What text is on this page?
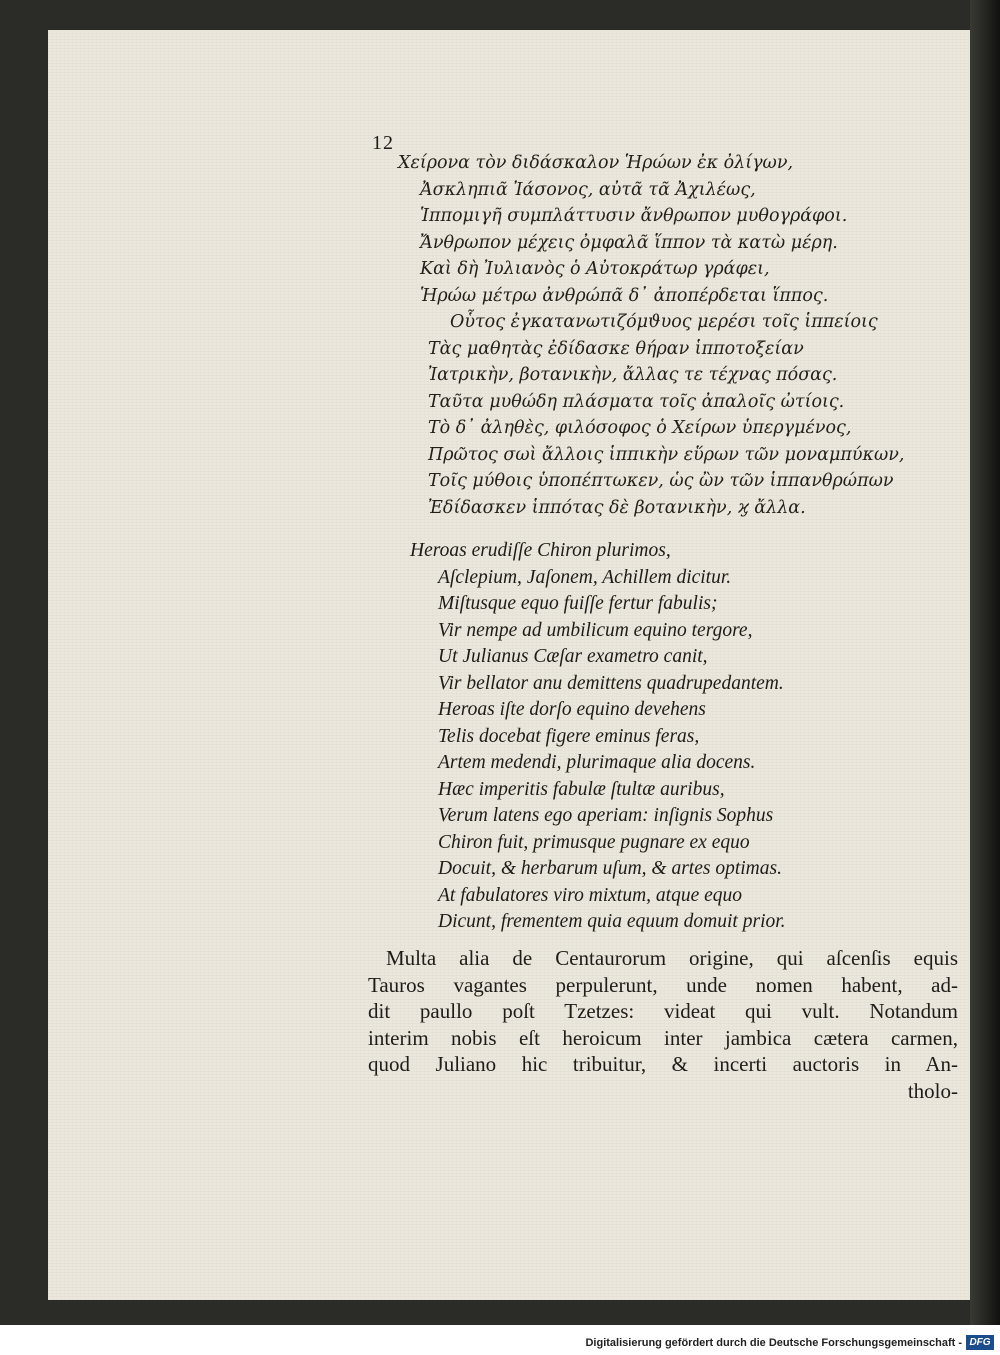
12
Χείρονα τὸν διδάσκαλον Ἡρώων ἐκ ὀλίγων,
Ἀσκληπιᾶ Ἰάσονος, αὐτᾶ τᾶ Ἀχιλέως,
Ἱππομιγῆ συμπλάττυσιν ἄνθρωπον μυθογράφοι.
Ἄνθρωπον μέχεις ὀμφαλᾶ ἵππον τὰ κατὼ μέρη.
Καὶ δὴ Ἰυλιανὸς ὁ Αὐτοκράτωρ γράφει,
Ἡρώω μέτρω ἀνθρώπᾶ δ᾽ ἀποπέρδεται ἵππος.
Οὗτος ἐγκατανωτιζόμϑυος μερέσι τοῖς ἱππείοις
Τὰς μαθητὰς ἐδίδασκε θήραν ἱπποτοξείαν
Ἰατρικὴν, βοτανικὴν, ἄλλας τε τέχνας πόσας.
Ταῦτα μυθώδη πλάσματα τοῖς ἀπαλοῖς ὠτίοις.
Τὸ δ᾽ ἀληθὲς, φιλόσοφος ὁ Χείρων ὑπεργμένος,
Πρῶτος σωὶ ἄλλοις ἱππικὴν εὕρων τῶν μοναμπύκων,
Τοῖς μύθοις ὑποπέπτωκεν, ὡς ὢν τῶν ἱππανθρώπων
Ἐδίδασκεν ἱππότας δὲ βοτανικὴν, ϗ ἄλλα.
Heroas erudiſſe Chiron plurimos,
Aſclepium, Jaſonem, Achillem dicitur.
Miſtusque equo fuiſſe fertur fabulis;
Vir nempe ad umbilicum equino tergore,
Ut Julianus Cæſar exametro canit,
Vir bellator anu demittens quadrupedantem.
Heroas iſte dorſo equino devehens
Telis docebat figere eminus feras,
Artem medendi, plurimaque alia docens.
Hæc imperitis fabulæ ſtultæ auribus,
Verum latens ego aperiam: inſignis Sophus
Chiron fuit, primusque pugnare ex equo
Docuit, & herbarum uſum, & artes optimas.
At fabulatores viro mixtum, atque equo
Dicunt, frementem quia equum domuit prior.
Multa alia de Centaurorum origine, qui aſcenſis equis
Tauros vagantes perpulerunt, unde nomen habent, ad-
dit paullo poſt Tzetzes: videat qui vult. Notandum
interim nobis eſt heroicum inter jambica cætera carmen,
quod Juliano hic tribuitur, & incerti auctoris in An-
tholo-
Digitalisierung gefördert durch die Deutsche Forschungsgemeinschaft - DFG
